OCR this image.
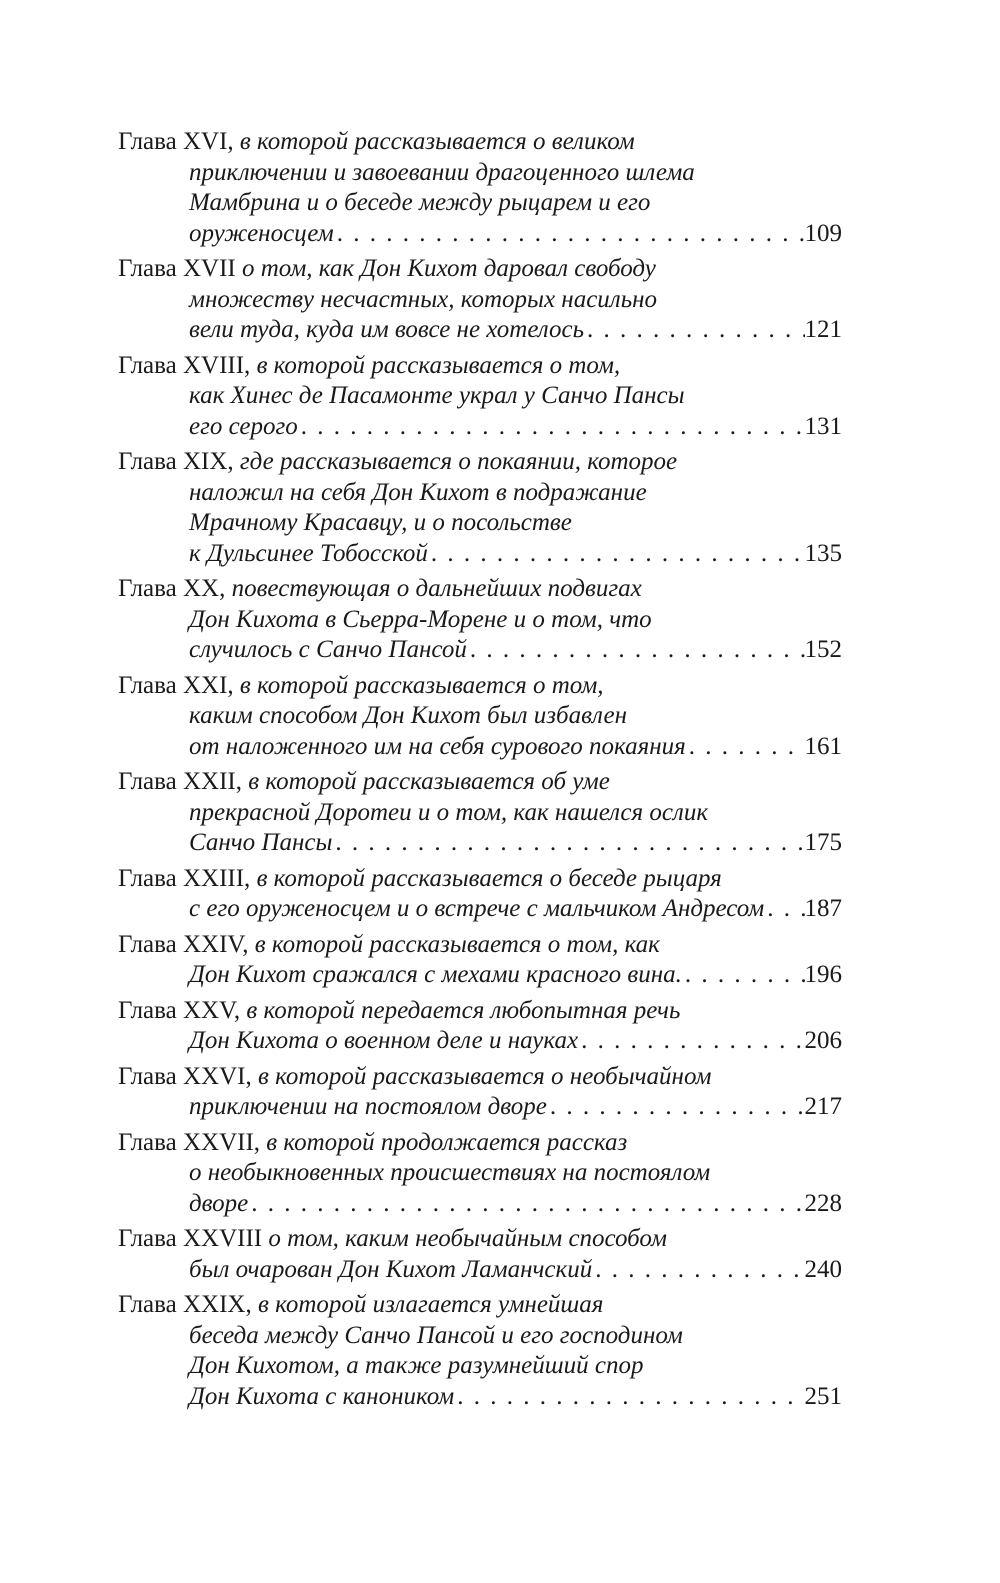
Глава XVI, в которой рассказывается о великом
приключении и завоевании драгоценного шлема
Мамбрина и о беседе между рыцарем и его
оруженосцем . . .	109
Глава XVII о том, как Дон Кихот даровал свободу
множеству несчастных, которых насильно
вели туда, куда им вовсе не хотелось . . .	121
Глава XVIII, в которой рассказывается о том,
как Хинес де Пасамонте украл у Санчо Пансы
его серого . . .	131
Глава XIX, где рассказывается о покаянии, которое
наложил на себя Дон Кихот в подражание
Мрачному Красавцу, и о посольстве
к Дульсинее Тобосской . . .	135
Глава XX, повествующая о дальнейших подвигах
Дон Кихота в Сьерра-Морене и о том, что
случилось с Санчо Пансой . . .	152
Глава XXI, в которой рассказывается о том,
каким способом Дон Кихот был избавлен
от наложенного им на себя сурового покаяния . . .	161
Глава XXII, в которой рассказывается об уме
прекрасной Доротеи и о том, как нашелся ослик
Санчо Пансы . . .	175
Глава XXIII, в которой рассказывается о беседе рыцаря
с его оруженосцем и о встрече с мальчиком Андресом . . . 187
Глава XXIV, в которой рассказывается о том, как
Дон Кихот сражался с мехами красного вина. . . .	196
Глава XXV, в которой передается любопытная речь
Дон Кихота о военном деле и науках . . .	206
Глава XXVI, в которой рассказывается о необычайном
приключении на постоялом дворе . . .	217
Глава XXVII, в которой продолжается рассказ
о необыкновенных происшествиях на постоялом
дворе . . .	228
Глава XXVIII о том, каким необычайным способом
был очарован Дон Кихот Ламанчский . . .	240
Глава XXIX, в которой излагается умнейшая
беседа между Санчо Пансой и его господином
Дон Кихотом, а также разумнейший спор
Дон Кихота с каноником . . .	251
